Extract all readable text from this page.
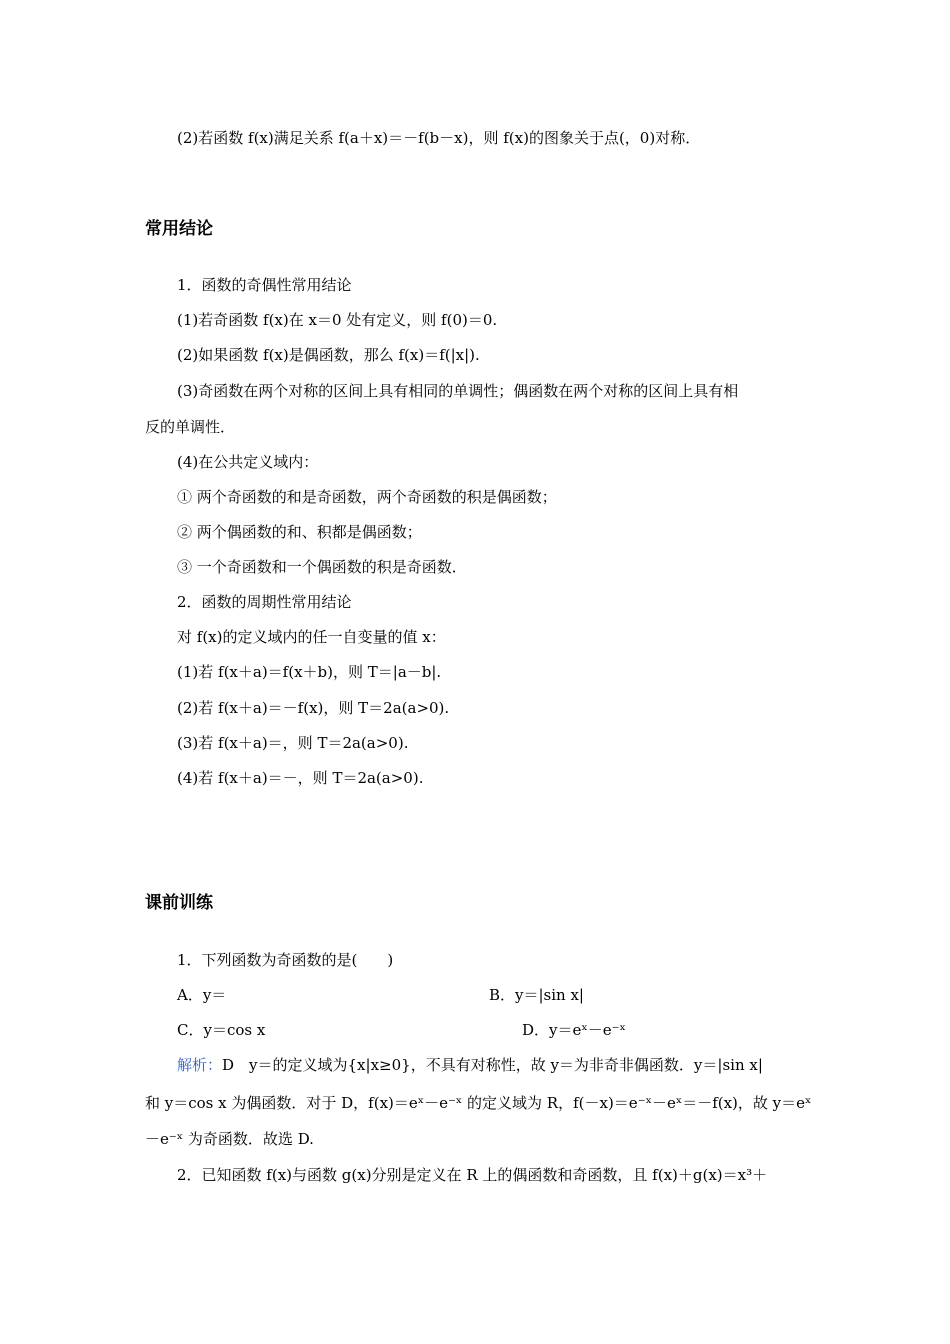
(2)若函数 f(x)满足关系 f(a＋x)＝－f(b－x)，则 f(x)的图象关于点(，0)对称．
常用结论
1．函数的奇偶性常用结论
(1)若奇函数 f(x)在 x＝0 处有定义，则 f(0)＝0.
(2)如果函数 f(x)是偶函数，那么 f(x)＝f(|x|).
(3)奇函数在两个对称的区间上具有相同的单调性；偶函数在两个对称的区间上具有相
反的单调性．
(4)在公共定义域内：
① 两个奇函数的和是奇函数，两个奇函数的积是偶函数；
② 两个偶函数的和、积都是偶函数；
③ 一个奇函数和一个偶函数的积是奇函数．
2．函数的周期性常用结论
对 f(x)的定义域内的任一自变量的值 x：
(1)若 f(x＋a)＝f(x＋b)，则 T＝|a－b|.
(2)若 f(x＋a)＝－f(x)，则 T＝2a(a>0).
(3)若 f(x＋a)＝，则 T＝2a(a>0).
(4)若 f(x＋a)＝－，则 T＝2a(a>0).
课前训练
1．下列函数为奇函数的是(　　)
A．y＝	B．y＝|sin x|
C．y＝cos x	D．y＝eˣ－e⁻ˣ
解析：D　y＝的定义域为{x|x≥0}，不具有对称性，故 y＝为非奇非偶函数．y＝|sin x|
和 y＝cos x 为偶函数．对于 D，f(x)＝eˣ－e⁻ˣ 的定义域为 R，f(－x)＝e⁻ˣ－eˣ＝－f(x)，故 y＝eˣ
－e⁻ˣ 为奇函数．故选 D.
2．已知函数 f(x)与函数 g(x)分别是定义在 R 上的偶函数和奇函数，且 f(x)＋g(x)＝x³＋
